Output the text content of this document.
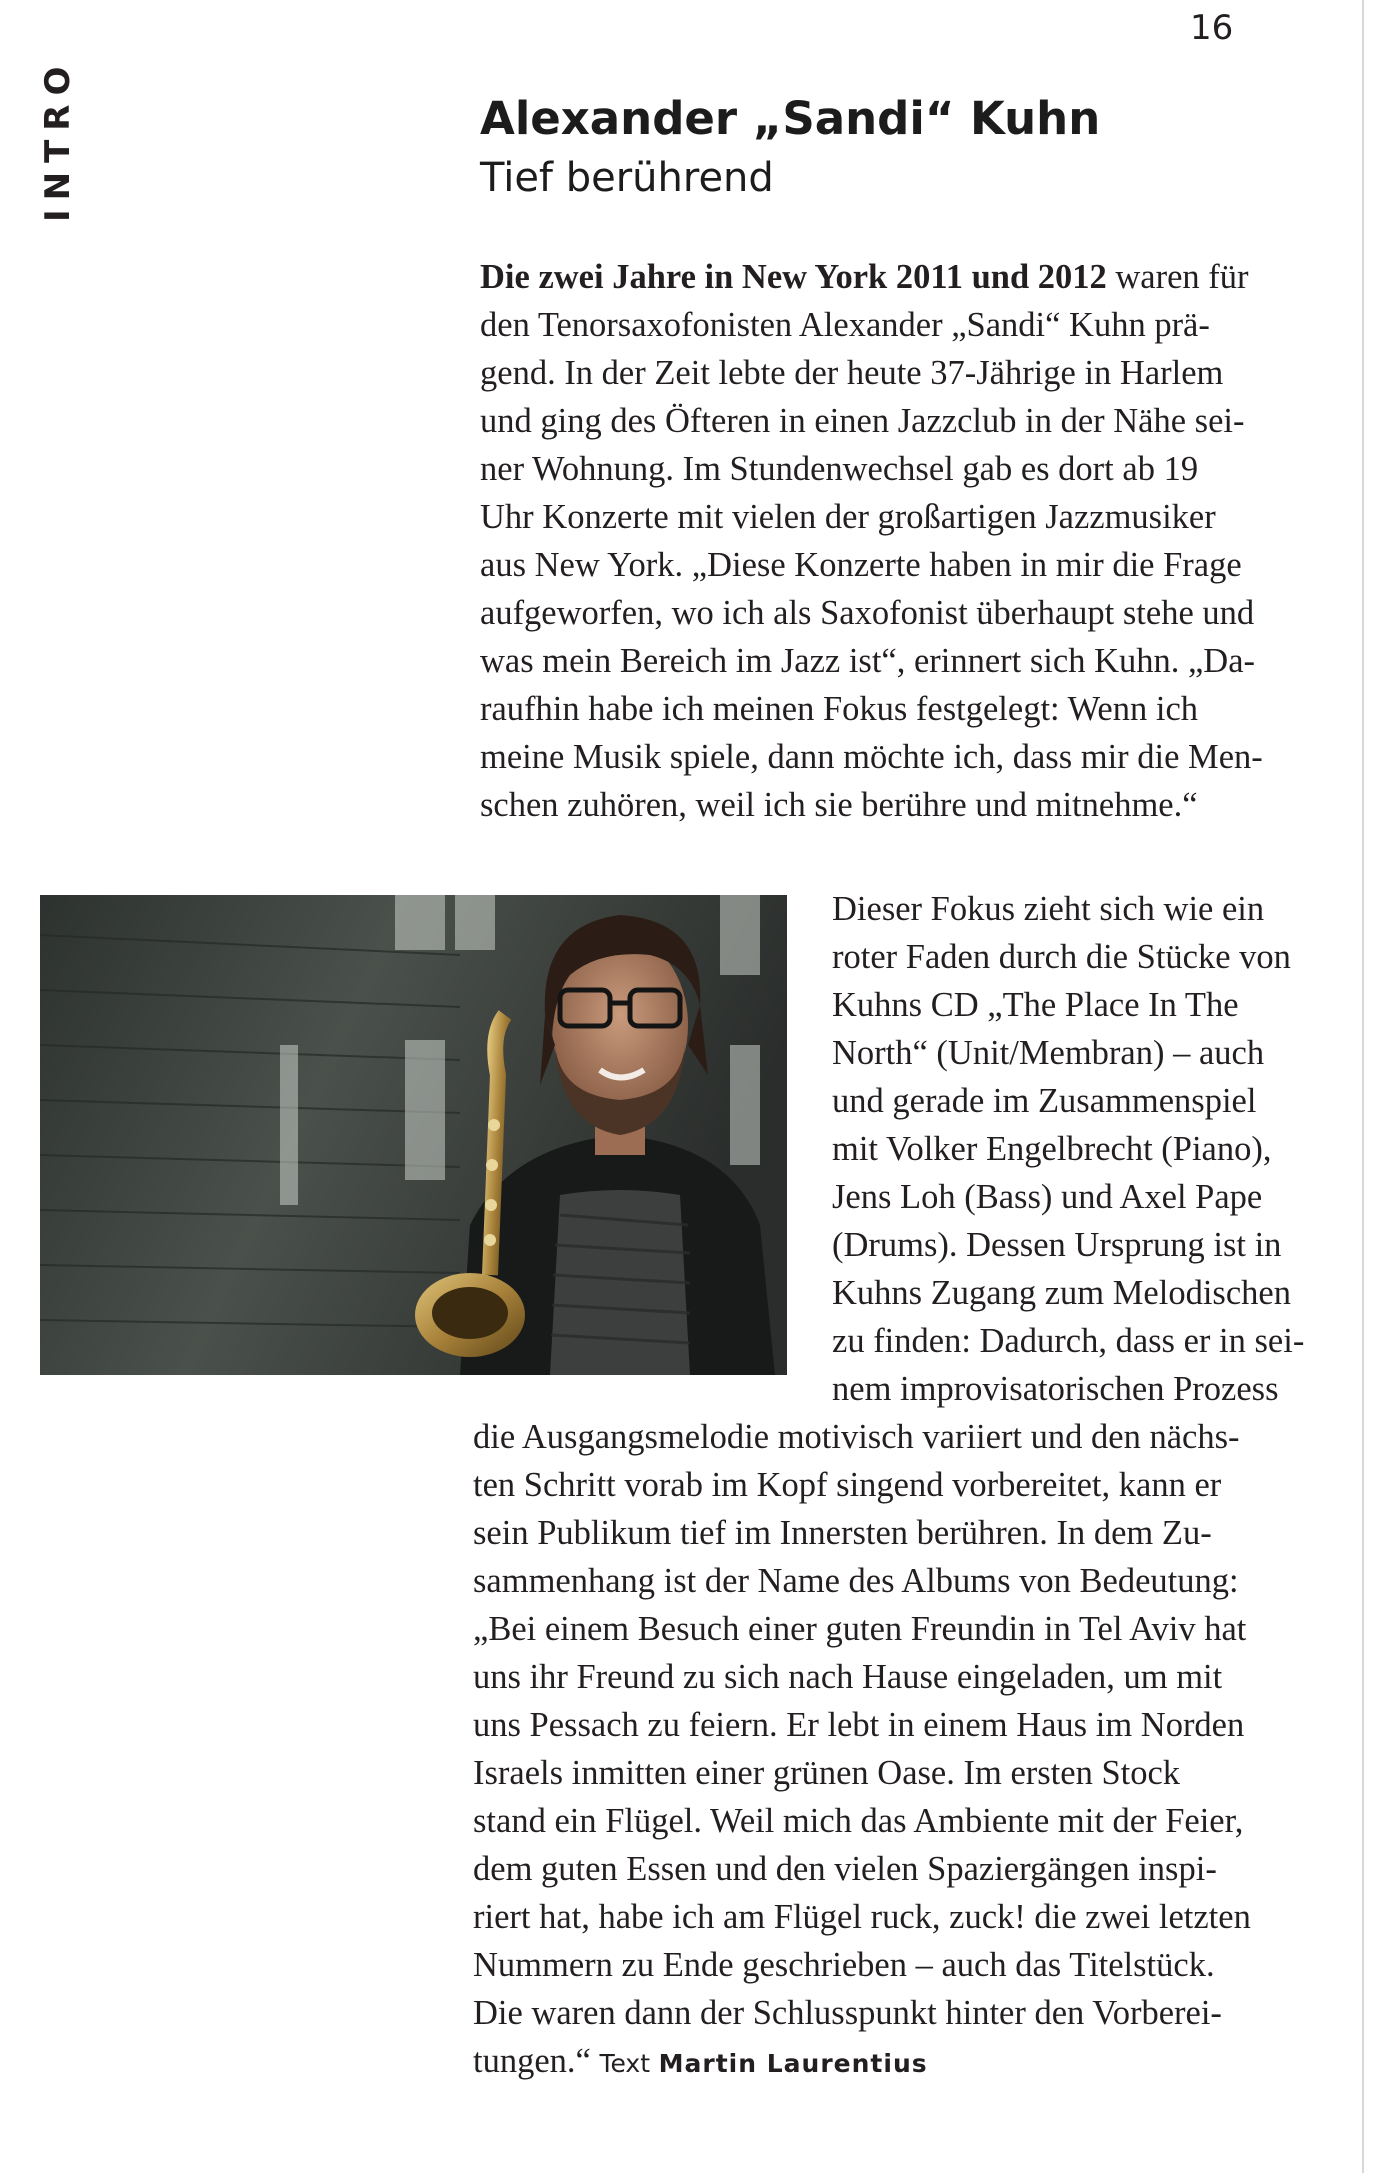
16
INTRO	Alexander „Sandi“ Kuhn
Tief berührend
Die zwei Jahre in New York 2011 und 2012 waren für
den Tenorsaxofonisten Alexander „Sandi“ Kuhn prä-
gend. In der Zeit lebte der heute 37-Jährige in Harlem
und ging des Öfteren in einen Jazzclub in der Nähe sei-
ner Wohnung. Im Stundenwechsel gab es dort ab 19
Uhr Konzerte mit vielen der großartigen Jazzmusiker
aus New York. „Diese Konzerte haben in mir die Frage
aufgeworfen, wo ich als Saxofonist überhaupt stehe und
was mein Bereich im Jazz ist“, erinnert sich Kuhn. „Da-
raufhin habe ich meinen Fokus festgelegt: Wenn ich
meine Musik spiele, dann möchte ich, dass mir die Men-
schen zuhören, weil ich sie berühre und mitnehme.“
Dieser Fokus zieht sich wie ein
roter Faden durch die Stücke von
Kuhns CD „The Place In The
North“ (Unit/Membran) – auch
und gerade im Zusammenspiel
mit Volker Engelbrecht (Piano),
Jens Loh (Bass) und Axel Pape
(Drums). Dessen Ursprung ist in
Kuhns Zugang zum Melodischen
zu finden: Dadurch, dass er in sei-
nem improvisatorischen Prozess
die Ausgangsmelodie motivisch variiert und den nächs-
ten Schritt vorab im Kopf singend vorbereitet, kann er
sein Publikum tief im Innersten berühren. In dem Zu-
sammenhang ist der Name des Albums von Bedeutung:
„Bei einem Besuch einer guten Freundin in Tel Aviv hat
uns ihr Freund zu sich nach Hause eingeladen, um mit
uns Pessach zu feiern. Er lebt in einem Haus im Norden
Israels inmitten einer grünen Oase. Im ersten Stock
stand ein Flügel. Weil mich das Ambiente mit der Feier,
dem guten Essen und den vielen Spaziergängen inspi-
riert hat, habe ich am Flügel ruck, zuck! die zwei letzten
Nummern zu Ende geschrieben – auch das Titelstück.
Die waren dann der Schlusspunkt hinter den Vorberei-
tungen.“ Text Martin Laurentius
